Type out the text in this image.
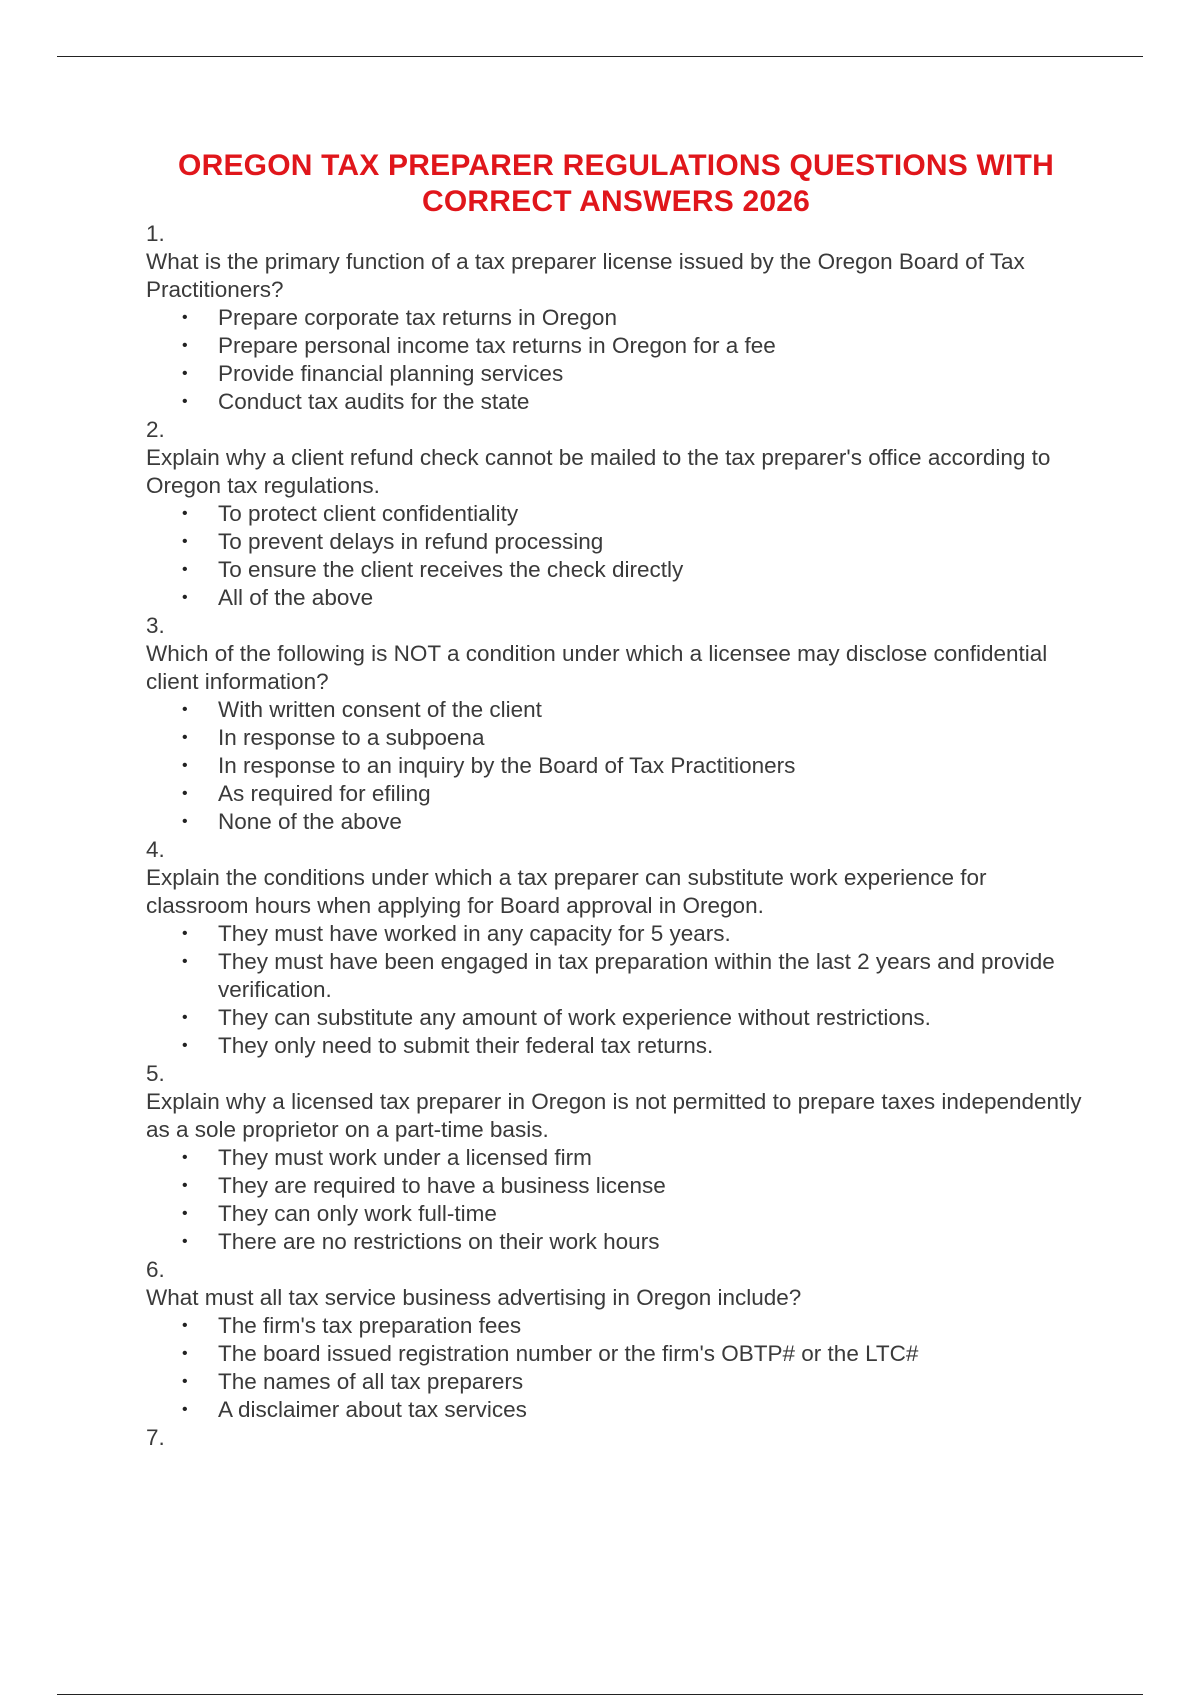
OREGON TAX PREPARER REGULATIONS QUESTIONS WITH CORRECT ANSWERS 2026

1.

What is the primary function of a tax preparer license issued by the Oregon Board of Tax Practitioners?

• Prepare corporate tax returns in Oregon
• Prepare personal income tax returns in Oregon for a fee
• Provide financial planning services
• Conduct tax audits for the state

2.

Explain why a client refund check cannot be mailed to the tax preparer's office according to Oregon tax regulations.

• To protect client confidentiality
• To prevent delays in refund processing
• To ensure the client receives the check directly
• All of the above

3.

Which of the following is NOT a condition under which a licensee may disclose confidential client information?

• With written consent of the client
• In response to a subpoena
• In response to an inquiry by the Board of Tax Practitioners
• As required for efiling
• None of the above

4.

Explain the conditions under which a tax preparer can substitute work experience for classroom hours when applying for Board approval in Oregon.

• They must have worked in any capacity for 5 years.
• They must have been engaged in tax preparation within the last 2 years and provide verification.
• They can substitute any amount of work experience without restrictions.
• They only need to submit their federal tax returns.

5.

Explain why a licensed tax preparer in Oregon is not permitted to prepare taxes independently as a sole proprietor on a part-time basis.

• They must work under a licensed firm
• They are required to have a business license
• They can only work full-time
• There are no restrictions on their work hours

6.

What must all tax service business advertising in Oregon include?

• The firm's tax preparation fees
• The board issued registration number or the firm's OBTP# or the LTC#
• The names of all tax preparers
• A disclaimer about tax services

7.
